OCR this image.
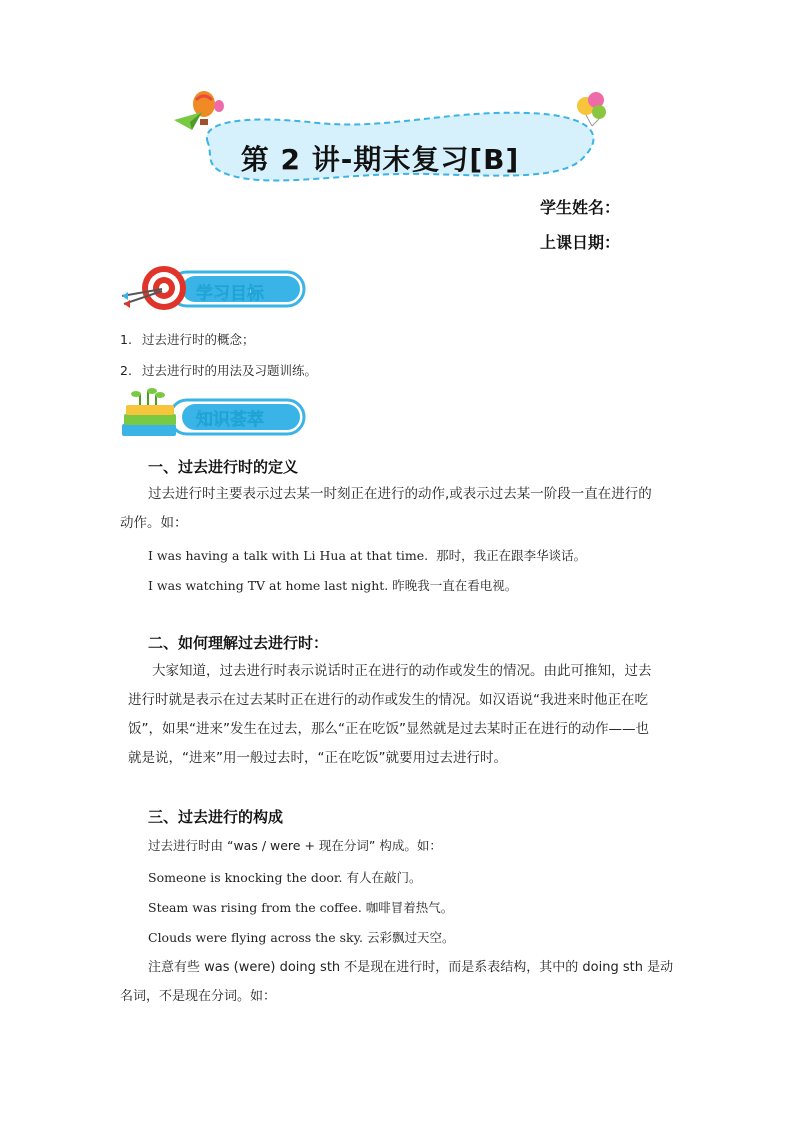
第 2 讲-期末复习[B]
学生姓名：
上课日期：
学习目标
1. 过去进行时的概念；
2. 过去进行时的用法及习题训练。
知识荟萃
一、过去进行时的定义
过去进行时主要表示过去某一时刻正在进行的动作,或表示过去某一阶段一直在进行的
动作。如：
I was having a talk with Li Hua at that time. 那时，我正在跟李华谈话。
I was watching TV at home last night. 昨晚我一直在看电视。
二、如何理解过去进行时：
大家知道，过去进行时表示说话时正在进行的动作或发生的情况。由此可推知，过去
进行时就是表示在过去某时正在进行的动作或发生的情况。如汉语说“我进来时他正在吃
饭”，如果“进来”发生在过去，那么“正在吃饭”显然就是过去某时正在进行的动作——也
就是说，“进来”用一般过去时，“正在吃饭”就要用过去进行时。
三、过去进行的构成
过去进行时由 “was / were + 现在分词” 构成。如：
Someone is knocking the door. 有人在敲门。
Steam was rising from the coffee. 咖啡冒着热气。
Clouds were flying across the sky. 云彩飘过天空。
注意有些 was (were) doing sth 不是现在进行时，而是系表结构，其中的 doing sth 是动
名词，不是现在分词。如：
